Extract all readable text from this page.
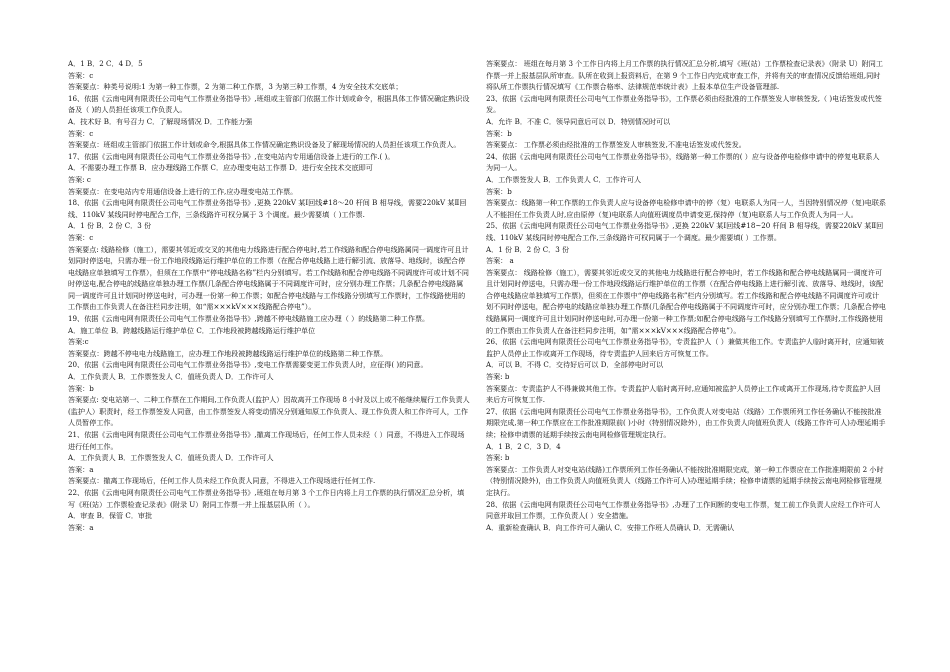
A．1 B．2 C．4 D．5
答案：c
答案要点：种类号说明:1 为第一种工作票，2 为第二种工作票，3 为第三种工作票，4 为安全技术交底单；
16、依据《云南电网有限责任公司电气工作票业务指导书》,班组或主管部门依据工作计划或命令，根据具体工作情况确定熟识设备及（ )的人员担任该项工作负责人。
A．技术好 B．有号召力 C．了解现场情况 D．工作能力强
答案：c
答案要点：班组或主管部门依据工作计划或命令,根据具体工作情况确定熟识设备及了解现场情况的人员担任该项工作负责人。
17、依据《云南电网有限责任公司电气工作票业务指导书》,在变电站内专用通信设备上进行的工作.( )。
A．不需要办理工作票 B．应办理线路工作票 C．应办理变电站工作票 D．进行安全技术交底即可
答案: c
答案要点：在变电站内专用通信设备上进行的工作,应办理变电站工作票。
18、依据《云南电网有限责任公司电气工作票业务指导书》,更换 220kV 某Ⅰ回线#18～20 杆间 B 相导线，需要220kV 某Ⅱ回线、110kV 某线同时停电配合工作，三条线路许可权分属于 3 个调度。最少需要填（ )工作票.
A．1 份 B．2 份 C．3 份
答案：c
答案要点: 线路检修（施工），需要其邻近或交叉的其他电力线路进行配合停电时,若工作线路和配合停电线路属同一调度许可且计划同时停送电，只需办理一份工作地段线路运行维护单位的工作票（在配合停电线路上进行解引流、放落导、地线时，该配合停电线路应单独填写工作票），但须在工作票中“停电线路名称”栏内分别填写。若工作线路和配合停电线路不同调度许可或计划不同时停送电,配合停电的线路应单独办理工作票(几条配合停电线路属于不同调度许可时，应分别办理工作票；几条配合停电线路属同一调度许可且计划同时停送电时，可办理一份第一种工作票；如配合停电线路与工作线路分别填写工作票时，工作线路使用的工作票由工作负责人在备注栏同步注明，如“需×××kV×××线路配合停电”）。
19、依据《云南电网有限责任公司电气工作票业务指导书》,跨越不停电线路施工应办理（ ）的线路第二种工作票。
A．施工单位 B．跨越线路运行维护单位 C．工作地段被跨越线路运行维护单位
答案:c
答案要点：跨越不停电电力线路施工，应办理工作地段被跨越线路运行维护单位的线路第二种工作票。
20、依据《云南电网有限责任公司电气工作票业务指导书》,变电工作票需要变更工作负责人时，应征得( )的同意。
A．工作负责人 B．工作票签发人 C．值班负责人 D．工作许可人
答案：b
答案要点: 变电站第一、二种工作票在工作期间,工作负责人(监护人）因故离开工作现场 8 小时及以上或不能继续履行工作负责人(监护人）职责时，经工作票签发人同意，由工作票签发人将变动情况分别通知原工作负责人、现工作负责人和工作许可人，工作人员暂停工作。
21、依据《云南电网有限责任公司电气工作票业务指导书》,撤离工作现场后，任何工作人员未经（ ）同意，不得进入工作现场进行任何工作。
A．工作负责人 B．工作票签发人 C．值班负责人 D．工作许可人
答案：a
答案要点：撤离工作现场后，任何工作人员未经工作负责人同意，不得进入工作现场进行任何工作.
22、依据《云南电网有限责任公司电气工作票业务指导书》,班组在每月第 3 个工作日内将上月工作票的执行情况汇总分析，填写《班(站）工作票检查记录表》(附录 U）附同工作票一并上报基层队所（ ）。
A．审查 B．保管 C．审批
答案：a
答案要点： 班组在每月第 3 个工作日内将上月工作票的执行情况汇总分析,填写《班(站）工作票检查记录表》（附录 U）附同工作票一并上报基层队所审查。队所在收到上报资料后，在第 9 个工作日内完成审查工作，并将有关的审查情况反馈给班组,同时将队所工作票执行情况填写《工作票合格率、法律规范率统计表》上报本单位生产设备管理部.
23、依据《云南电网有限责任公司电气工作票业务指导书》，工作票必须由经批准的工作票签发人审核签发,（ )电话签发或代签发。
A．允许 B．不准 C．领导同意后可以 D．特别情况时可以
答案：b
答案要点： 工作票必须由经批准的工作票签发人审核签发,不准电话签发或代签发。
24、依据《云南电网有限责任公司电气工作票业务指导书》，线路第一种工作票的( ）应与设备停电检修申请中的停复电联系人为同一人。
A．工作票签发人 B．工作负责人 C．工作许可人
答案：b
答案要点：线路第一种工作票的工作负责人应与设备停电检修申请中的停（复）电联系人为同一人，当因特别情况停（复)电联系人不能担任工作负责人时,应由原停（复)电联系人向值班调度员申请变更,保持停（复)电联系人与工作负责人为同一人。
25、依据《云南电网有限责任公司电气工作票业务指导书》,更换 220kV 某Ⅰ回线#18~20 杆间 B 相导线，需要220kV 某Ⅱ回线、110kV 某线同时停电配合工作,三条线路许可权同属于一个调度。最少需要填( ）工作票。
A．1 份 B．2 份 C．3 份
答案： a
答案要点： 线路检修（施工），需要其邻近或交叉的其他电力线路进行配合停电时，若工作线路和配合停电线路属同一调度许可且计划同时停送电，只需办理一份工作地段线路运行维护单位的工作票（在配合停电线路上进行解引流、放落导、地线时，该配合停电线路应单独填写工作票)，但须在工作票中“停电线路名称”栏内分别填写。若工作线路和配合停电线路不同调度许可或计划不同时停送电，配合停电的线路应单独办理工作票(几条配合停电线路属于不同调度许可时，应分别办理工作票；几条配合停电线路属同一调度许可且计划同时停送电时,可办理一份第一种工作票;如配合停电线路与工作线路分别填写工作票时,工作线路使用的工作票由工作负责人在备注栏同步注明，如“需×××kV×××线路配合停电”）。
26、依据《云南电网有限责任公司电气工作票业务指导书》，专责监护人（ ）兼做其他工作。专责监护人临时离开时，应通知被监护人员停止工作或离开工作现场，待专责监护人回来后方可恢复工作。
A．可以 B．不得 C．交待好后可以 D．全部停电时可以
答案: b
答案要点：专责监护人不得兼做其他工作。专责监护人临时离开时,应通知被监护人员停止工作或离开工作现场,待专责监护人回来后方可恢复工作.
27、依据《云南电网有限责任公司电气工作票业务指导书》，工作负责人对变电站（线路）工作票所列工作任务确认不能按批准期限完成,第一种工作票应在工作批准期限前( )小时（特别情况除外），由工作负责人向值班负责人（线路工作许可人)办理延期手续；检修申请票的延期手续按云南电网检修管理规定执行。
A．1 B．2 C．3 D．4
答案: b
答案要点：工作负责人对变电站(线路)工作票所列工作任务确认不能按批准期限完成，第一种工作票应在工作批准期限前 2 小时（特别情况除外)，由工作负责人向值班负责人（线路工作许可人)办理延期手续；检修申请票的延期手续按云南电网检修管理规定执行。
28、依据《云南电网有限责任公司电气工作票业务指导书》,办理了工作间断的变电工作票，复工前工作负责人应经工作许可人同意并取回工作票，工作负责人( ）安全措施。
A．重新检查确认 B．向工作许可人确认 C．安排工作班人员确认 D．无需确认
